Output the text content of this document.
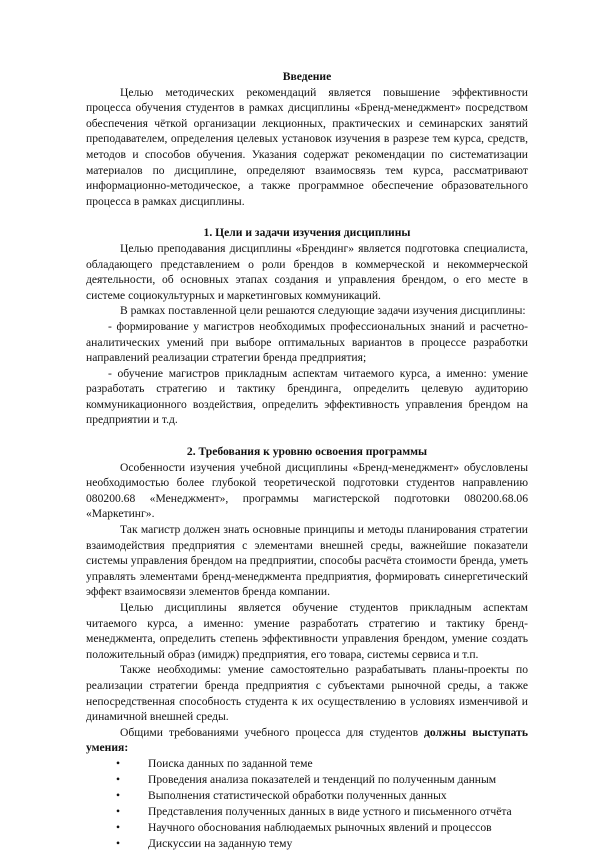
Введение

Целью методических рекомендаций является повышение эффективности процесса обучения студентов в рамках дисциплины «Бренд-менеджмент» посредством обеспечения чёткой организации лекционных, практических и семинарских занятий преподавателем, определения целевых установок изучения в разрезе тем курса, средств, методов и способов обучения. Указания содержат рекомендации по систематизации материалов по дисциплине, определяют взаимосвязь тем курса, рассматривают информационно-методическое, а также программное обеспечение образовательного процесса в рамках дисциплины.

1. Цели и задачи изучения дисциплины

Целью преподавания дисциплины «Брендинг» является подготовка специалиста, обладающего представлением о роли брендов в коммерческой и некоммерческой деятельности, об основных этапах создания и управления брендом, о его месте в системе социокультурных и маркетинговых коммуникаций.

В рамках поставленной цели решаются следующие задачи изучения дисциплины:

- формирование у магистров необходимых профессиональных знаний и расчетно-аналитических умений при выборе оптимальных вариантов в процессе разработки направлений реализации стратегии бренда предприятия;

- обучение магистров прикладным аспектам читаемого курса, а именно: умение разработать стратегию и тактику брендинга, определить целевую аудиторию коммуникационного воздействия, определить эффективность управления брендом на предприятии и т.д.

2. Требования к уровню освоения программы

Особенности изучения учебной дисциплины «Бренд-менеджмент» обусловлены необходимостью более глубокой теоретической подготовки студентов направлению 080200.68 «Менеджмент», программы магистерской подготовки 080200.68.06 «Маркетинг».

Так магистр должен знать основные принципы и методы планирования стратегии взаимодействия предприятия с элементами внешней среды, важнейшие показатели системы управления брендом на предприятии, способы расчёта стоимости бренда, уметь управлять элементами бренд-менеджмента предприятия, формировать синергетический эффект взаимосвязи элементов бренда компании.

Целью дисциплины является обучение студентов прикладным аспектам читаемого курса, а именно: умение разработать стратегию и тактику бренд-менеджмента, определить степень эффективности управления брендом, умение создать положительный образ (имидж) предприятия, его товара, системы сервиса и т.п.

Также необходимы: умение самостоятельно разрабатывать планы-проекты по реализации стратегии бренда предприятия с субъектами рыночной среды, а также непосредственная способность студента к их осуществлению в условиях изменчивой и динамичной внешней среды.

Общими требованиями учебного процесса для студентов должны выступать умения:

• Поиска данных по заданной теме
• Проведения анализа показателей и тенденций по полученным данным
• Выполнения статистической обработки полученных данных
• Представления полученных данных в виде устного и письменного отчёта
• Научного обоснования наблюдаемых рыночных явлений и процессов
• Дискуссии на заданную тему
